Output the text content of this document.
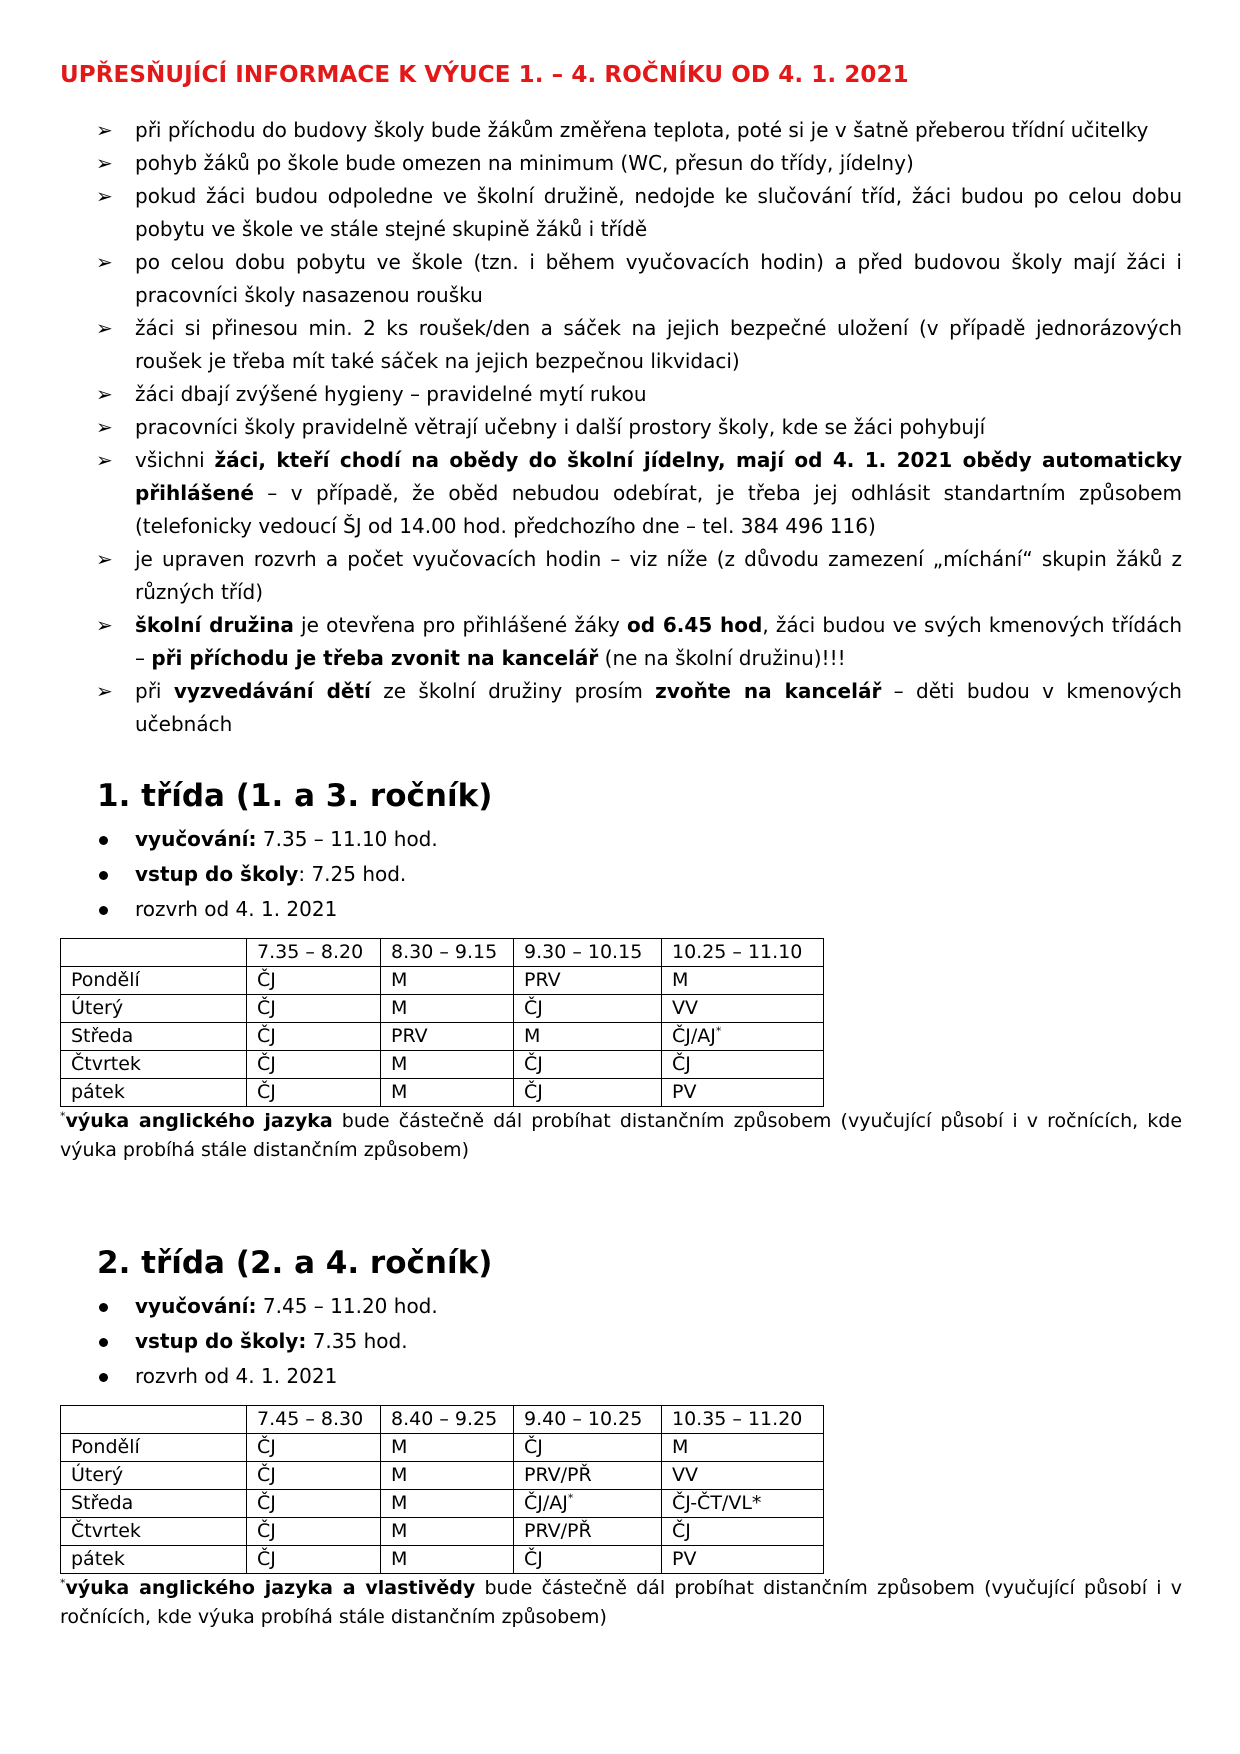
UPŘESŇUJÍCÍ INFORMACE K VÝUCE 1. – 4. ROČNÍKU OD 4. 1. 2021
➢ při příchodu do budovy školy bude žákům změřena teplota, poté si je v šatně přeberou třídní učitelky
➢ pohyb žáků po škole bude omezen na minimum (WC, přesun do třídy, jídelny)
➢ pokud žáci budou odpoledne ve školní družině, nedojde ke slučování tříd, žáci budou po celou dobu pobytu ve škole ve stále stejné skupině žáků i třídě
➢ po celou dobu pobytu ve škole (tzn. i během vyučovacích hodin) a před budovou školy mají žáci i pracovníci školy nasazenou roušku
➢ žáci si přinesou min. 2 ks roušek/den a sáček na jejich bezpečné uložení (v případě jednorázových roušek je třeba mít také sáček na jejich bezpečnou likvidaci)
➢ žáci dbají zvýšené hygieny – pravidelné mytí rukou
➢ pracovníci školy pravidelně větrají učebny i další prostory školy, kde se žáci pohybují
➢ všichni žáci, kteří chodí na obědy do školní jídelny, mají od 4. 1. 2021 obědy automaticky přihlášené – v případě, že oběd nebudou odebírat, je třeba jej odhlásit standartním způsobem (telefonicky vedoucí ŠJ od 14.00 hod. předchozího dne – tel. 384 496 116)
➢ je upraven rozvrh a počet vyučovacích hodin – viz níže (z důvodu zamezení „míchání“ skupin žáků z různých tříd)
➢ školní družina je otevřena pro přihlášené žáky od 6.45 hod, žáci budou ve svých kmenových třídách – při příchodu je třeba zvonit na kancelář (ne na školní družinu)!!!
➢ při vyzvedávání dětí ze školní družiny prosím zvoňte na kancelář – děti budou v kmenových učebnách
1. třída (1. a 3. ročník)
vyučování: 7.35 – 11.10 hod.
vstup do školy: 7.25 hod.
rozvrh od 4. 1. 2021
	7.35 – 8.20	8.30 – 9.15	9.30 – 10.15	10.25 – 11.10
Pondělí	ČJ	M	PRV	M
Úterý	ČJ	M	ČJ	VV
Středa	ČJ	PRV	M	ČJ/AJ*
Čtvrtek	ČJ	M	ČJ	ČJ
pátek	ČJ	M	ČJ	PV

*výuka anglického jazyka bude částečně dál probíhat distančním způsobem (vyučující působí i v ročnících, kde výuka probíhá stále distančním způsobem)

2. třída (2. a 4. ročník)
vyučování: 7.45 – 11.20 hod.
vstup do školy: 7.35 hod.
rozvrh od 4. 1. 2021
	7.45 – 8.30	8.40 – 9.25	9.40 – 10.25	10.35 – 11.20
Pondělí	ČJ	M	ČJ	M
Úterý	ČJ	M	PRV/PŘ	VV
Středa	ČJ	M	ČJ/AJ*	ČJ-ČT/VL*
Čtvrtek	ČJ	M	PRV/PŘ	ČJ
pátek	ČJ	M	ČJ	PV

*výuka anglického jazyka a vlastivědy bude částečně dál probíhat distančním způsobem (vyučující působí i v ročnících, kde výuka probíhá stále distančním způsobem)
